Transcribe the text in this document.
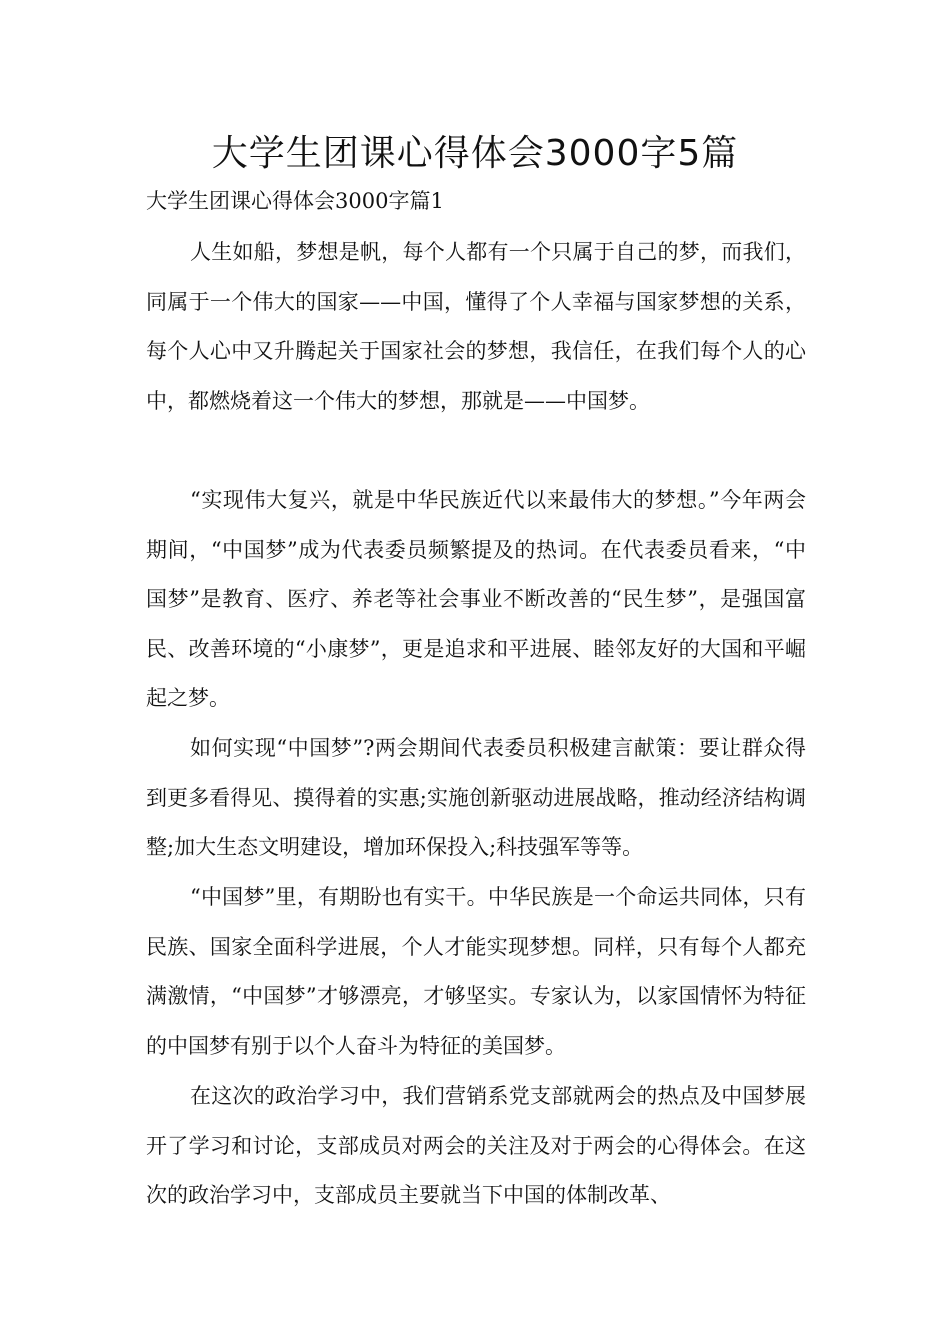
大学生团课心得体会3000字5篇
大学生团课心得体会3000字篇1
人生如船，梦想是帆，每个人都有一个只属于自己的梦，而我们，同属于一个伟大的国家——中国，懂得了个人幸福与国家梦想的关系，每个人心中又升腾起关于国家社会的梦想，我信任，在我们每个人的心中，都燃烧着这一个伟大的梦想，那就是——中国梦。
“实现伟大复兴，就是中华民族近代以来最伟大的梦想。”今年两会期间，“中国梦”成为代表委员频繁提及的热词。在代表委员看来，“中国梦”是教育、医疗、养老等社会事业不断改善的“民生梦”，是强国富民、改善环境的“小康梦”，更是追求和平进展、睦邻友好的大国和平崛起之梦。
如何实现“中国梦”?两会期间代表委员积极建言献策：要让群众得到更多看得见、摸得着的实惠;实施创新驱动进展战略，推动经济结构调整;加大生态文明建设，增加环保投入;科技强军等等。
“中国梦”里，有期盼也有实干。中华民族是一个命运共同体，只有民族、国家全面科学进展，个人才能实现梦想。同样，只有每个人都充满激情，“中国梦”才够漂亮，才够坚实。专家认为，以家国情怀为特征的中国梦有别于以个人奋斗为特征的美国梦。
在这次的政治学习中，我们营销系党支部就两会的热点及中国梦展开了学习和讨论，支部成员对两会的关注及对于两会的心得体会。在这次的政治学习中，支部成员主要就当下中国的体制改革、
